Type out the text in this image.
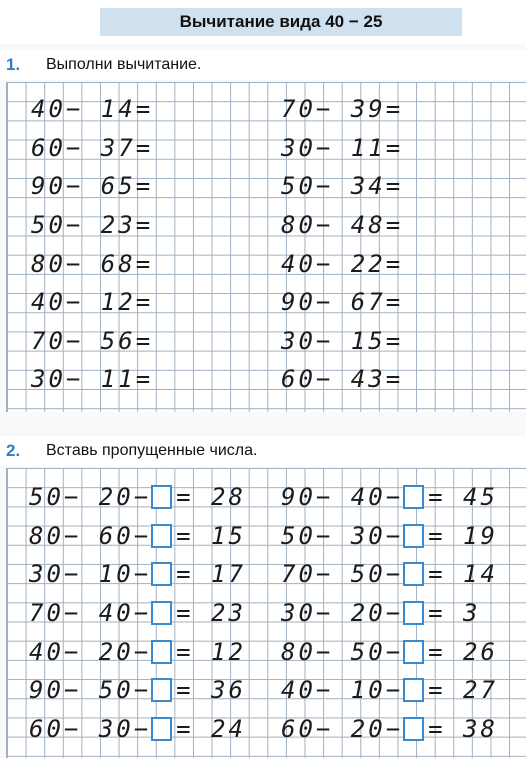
Вычитание вида 40 − 25
1.	Выполни вычитание.
40− 14=
60− 37=
90− 65=
50− 23=
80− 68=
40− 12=
70− 56=
30− 11=
70− 39=
30− 11=
50− 34=
80− 48=
40− 22=
90− 67=
30− 15=
60− 43=
2.	Вставь пропущенные числа.
50− 20− = 28
80− 60− = 15
30− 10− = 17
70− 40− = 23
40− 20− = 12
90− 50− = 36
60− 30− = 24
90− 40− = 45
50− 30− = 19
70− 50− = 14
30− 20− = 3
80− 50− = 26
40− 10− = 27
60− 20− = 38
